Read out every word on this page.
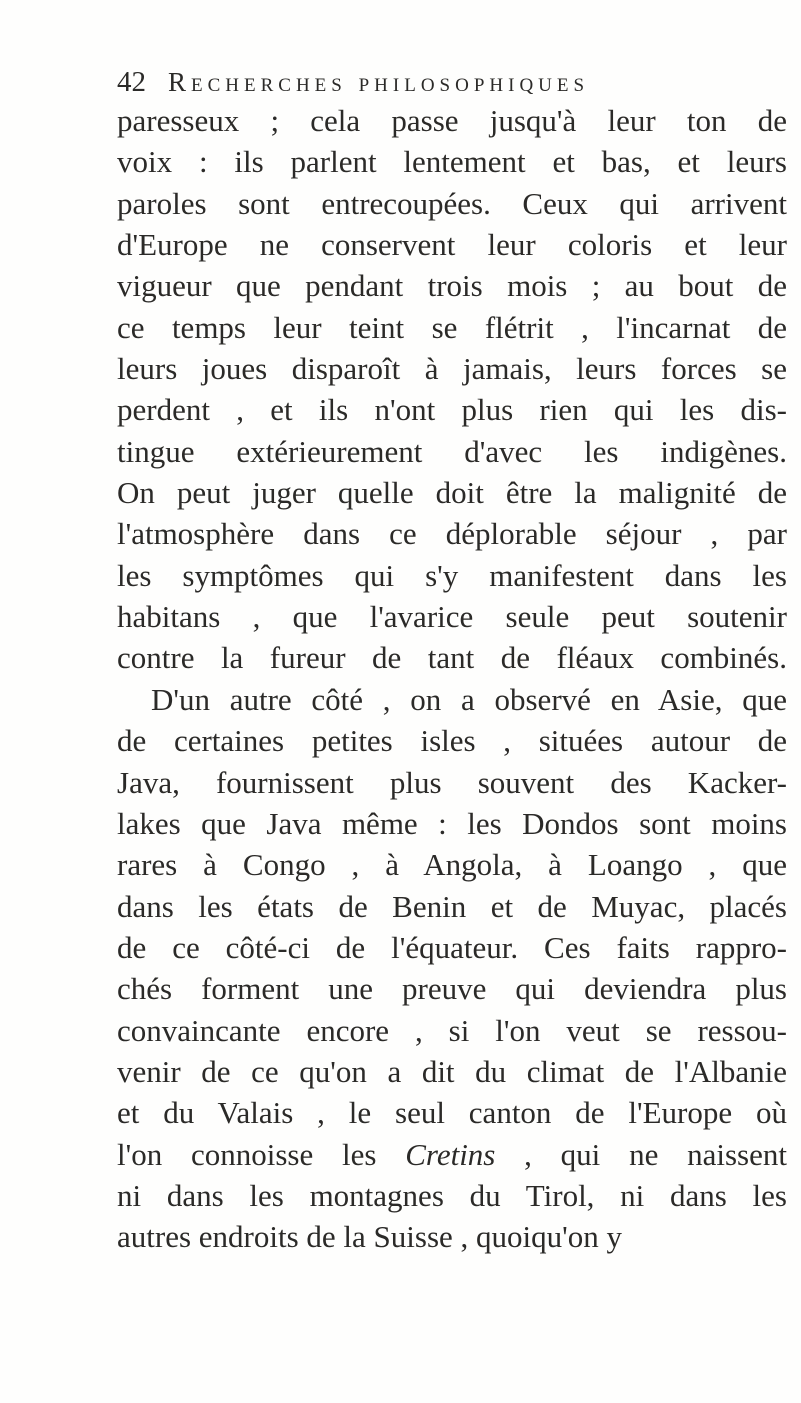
42 Recherches philosophiques
paresseux ; cela passe jusqu'à leur ton de
voix : ils parlent lentement et bas, et leurs
paroles sont entrecoupées. Ceux qui arrivent
d'Europe ne conservent leur coloris et leur
vigueur que pendant trois mois ; au bout de
ce temps leur teint se flétrit , l'incarnat de
leurs joues disparoît à jamais, leurs forces se
perdent , et ils n'ont plus rien qui les dis-
tingue extérieurement d'avec les indigènes.
On peut juger quelle doit être la malignité de
l'atmosphère dans ce déplorable séjour , par
les symptômes qui s'y manifestent dans les
habitans , que l'avarice seule peut soutenir
contre la fureur de tant de fléaux combinés.
D'un autre côté , on a observé en Asie, que
de certaines petites isles , situées autour de
Java, fournissent plus souvent des Kacker-
lakes que Java même : les Dondos sont moins
rares à Congo , à Angola, à Loango , que
dans les états de Benin et de Muyac, placés
de ce côté-ci de l'équateur. Ces faits rappro-
chés forment une preuve qui deviendra plus
convaincante encore , si l'on veut se ressou-
venir de ce qu'on a dit du climat de l'Albanie
et du Valais , le seul canton de l'Europe où
l'on connoisse les Cretins , qui ne naissent
ni dans les montagnes du Tirol, ni dans les
autres endroits de la Suisse , quoiqu'on y
